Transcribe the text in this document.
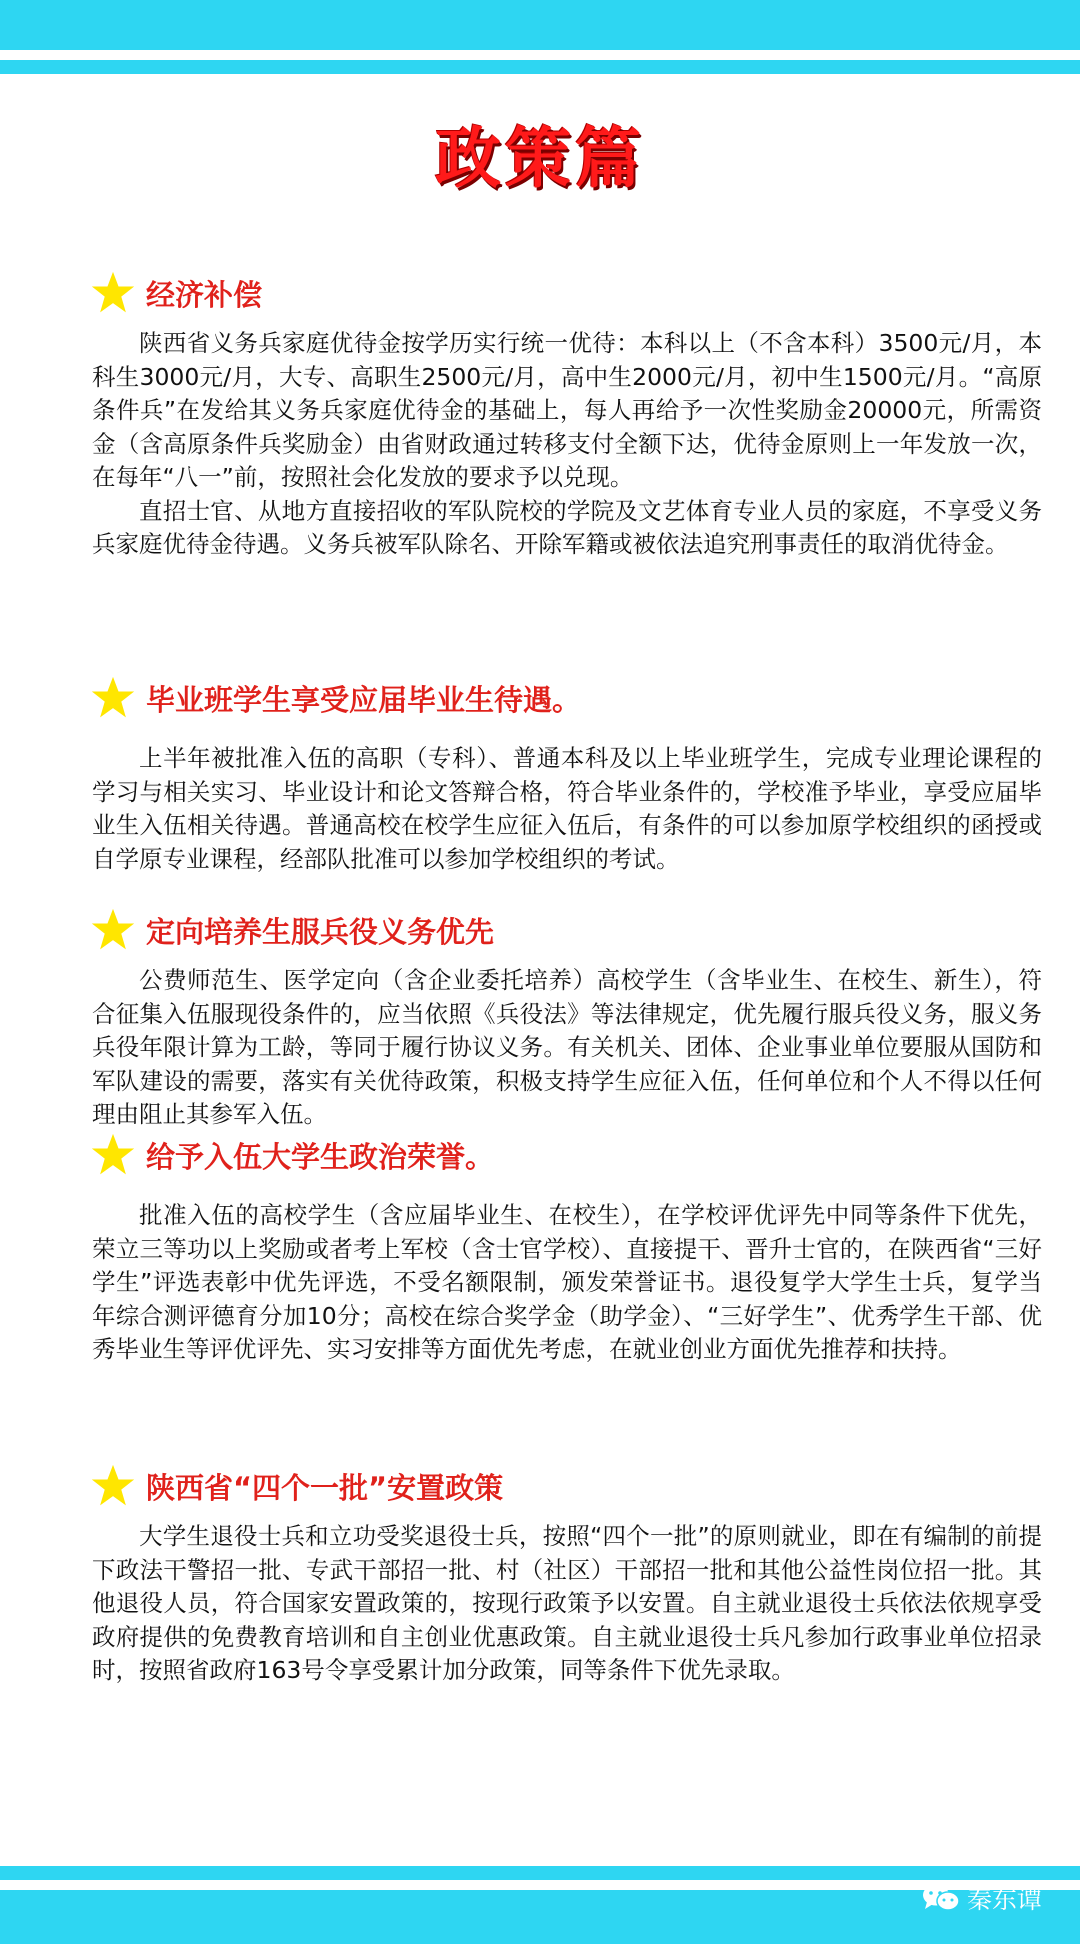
政策篇
经济补偿

陕西省义务兵家庭优待金按学历实行统一优待：本科以上（不含本科）3500元/月，本科生3000元/月，大专、高职生2500元/月，高中生2000元/月，初中生1500元/月。“高原条件兵”在发给其义务兵家庭优待金的基础上，每人再给予一次性奖励金20000元，所需资金（含高原条件兵奖励金）由省财政通过转移支付全额下达，优待金原则上一年发放一次，在每年“八一”前，按照社会化发放的要求予以兑现。

直招士官、从地方直接招收的军队院校的学院及文艺体育专业人员的家庭，不享受义务兵家庭优待金待遇。义务兵被军队除名、开除军籍或被依法追究刑事责任的取消优待金。

毕业班学生享受应届毕业生待遇。

上半年被批准入伍的高职（专科）、普通本科及以上毕业班学生，完成专业理论课程的学习与相关实习、毕业设计和论文答辩合格，符合毕业条件的，学校准予毕业，享受应届毕业生入伍相关待遇。普通高校在校学生应征入伍后，有条件的可以参加原学校组织的函授或自学原专业课程，经部队批准可以参加学校组织的考试。

定向培养生服兵役义务优先

公费师范生、医学定向（含企业委托培养）高校学生（含毕业生、在校生、新生），符合征集入伍服现役条件的，应当依照《兵役法》等法律规定，优先履行服兵役义务，服义务兵役年限计算为工龄，等同于履行协议义务。有关机关、团体、企业事业单位要服从国防和军队建设的需要，落实有关优待政策，积极支持学生应征入伍，任何单位和个人不得以任何理由阻止其参军入伍。

给予入伍大学生政治荣誉。

批准入伍的高校学生（含应届毕业生、在校生），在学校评优评先中同等条件下优先，荣立三等功以上奖励或者考上军校（含士官学校）、直接提干、晋升士官的，在陕西省“三好学生”评选表彰中优先评选，不受名额限制，颁发荣誉证书。退役复学大学生士兵，复学当年综合测评德育分加10分；高校在综合奖学金（助学金）、“三好学生”、优秀学生干部、优秀毕业生等评优评先、实习安排等方面优先考虑，在就业创业方面优先推荐和扶持。

陕西省“四个一批”安置政策

大学生退役士兵和立功受奖退役士兵，按照“四个一批”的原则就业，即在有编制的前提下政法干警招一批、专武干部招一批、村（社区）干部招一批和其他公益性岗位招一批。其他退役人员，符合国家安置政策的，按现行政策予以安置。自主就业退役士兵依法依规享受政府提供的免费教育培训和自主创业优惠政策。自主就业退役士兵凡参加行政事业单位招录时，按照省政府163号令享受累计加分政策，同等条件下优先录取。

秦东谭
